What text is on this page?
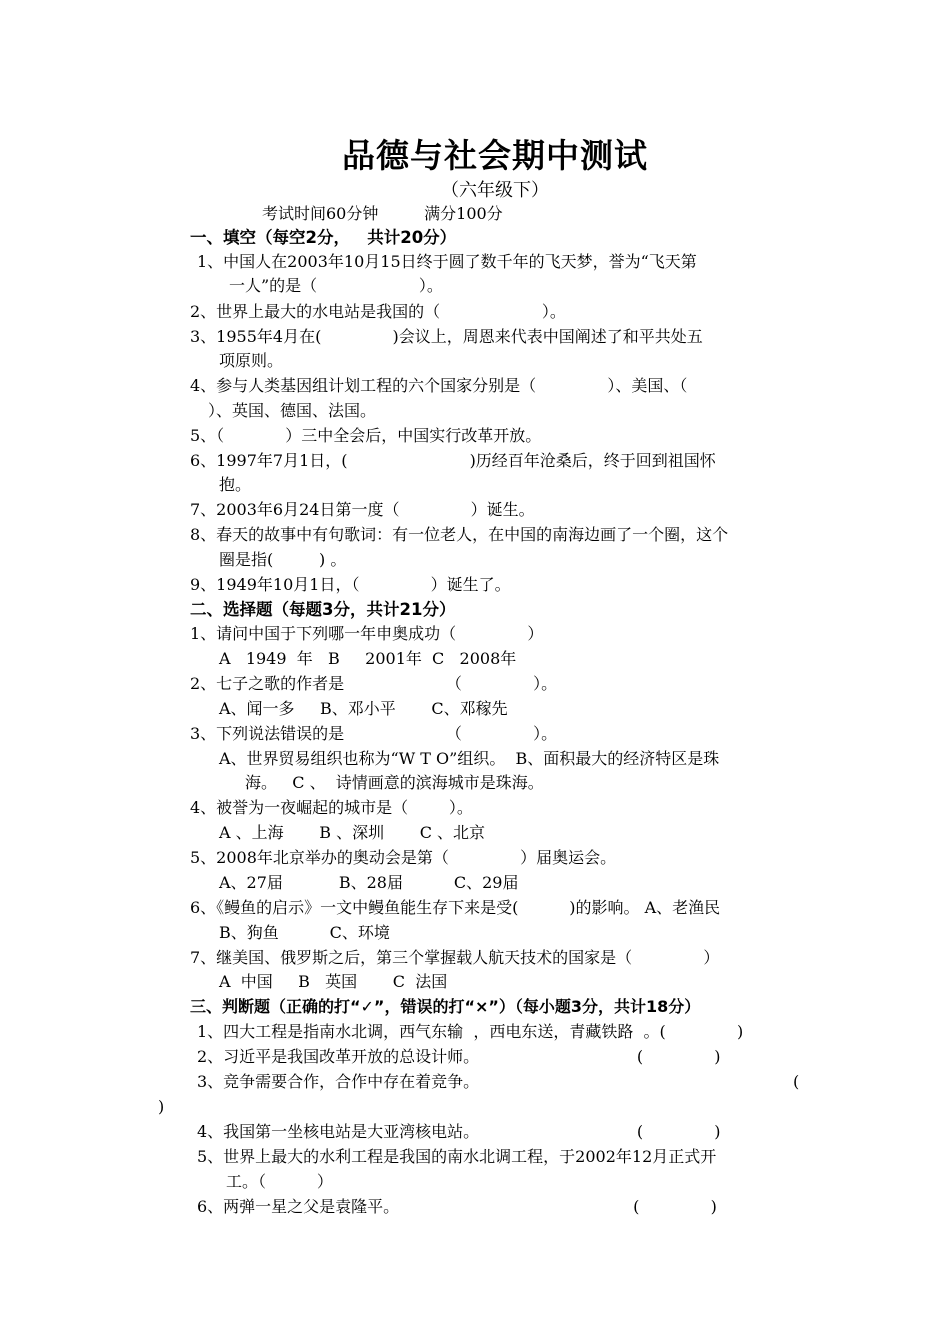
品德与社会期中测试
（六年级下）
考试时间60分钟         满分100分
一、填空（每空2分，   共计20分）
1、中国人在2003年10月15日终于圆了数千年的飞天梦，誉为“飞天第
一人”的是（                    ）。
2、世界上最大的水电站是我国的（                    ）。
3、1955年4月在(              )会议上，周恩来代表中国阐述了和平共处五
项原则。
4、参与人类基因组计划工程的六个国家分别是（              ）、美国、（
）、英国、德国、法国。
5、（            ）三中全会后，中国实行改革开放。
6、1997年7月1日，(                        )历经百年沧桑后，终于回到祖国怀
抱。
7、2003年6月24日第一度（              ）诞生。
8、春天的故事中有句歌词：有一位老人，在中国的南海边画了一个圈，这个
圈是指(         ) 。
9、1949年10月1日，（              ）诞生了。
二、选择题（每题3分，共计21分）
1、请问中国于下列哪一年申奥成功（              ）
A   1949  年   B     2001年  C   2008年
2、七子之歌的作者是                    （              ）。
A、闻一多     B、邓小平       C、邓稼先
3、下列说法错误的是                    （              ）。
A、世界贸易组织也称为“W T O”组织。  B、面积最大的经济特区是珠
海。   C 、  诗情画意的滨海城市是珠海。
4、被誉为一夜崛起的城市是（        ）。
A 、上海       B 、深圳       C 、北京
5、2008年北京举办的奥动会是第（              ）届奥运会。
A、27届           B、28届          C、29届
6、《鳗鱼的启示》一文中鳗鱼能生存下来是受(          )的影响。 A、老渔民
B、狗鱼          C、环境
7、继美国、俄罗斯之后，第三个掌握载人航天技术的国家是（              ）
A  中国     B   英国       C  法国
三、判断题（正确的打“✓”，错误的打“×”）（每小题3分，共计18分）
1、四大工程是指南水北调，西气东输  ，西电东送，青藏铁路  。(              )
2、习近平是我国改革开放的总设计师。                               (              )
3、竞争需要合作，合作中存在着竞争。	(
)
4、我国第一坐核电站是大亚湾核电站。                               (              )
5、世界上最大的水利工程是我国的南水北调工程，于2002年12月正式开
工。（          ）
6、两弹一星之父是袁隆平。                                              (              )
